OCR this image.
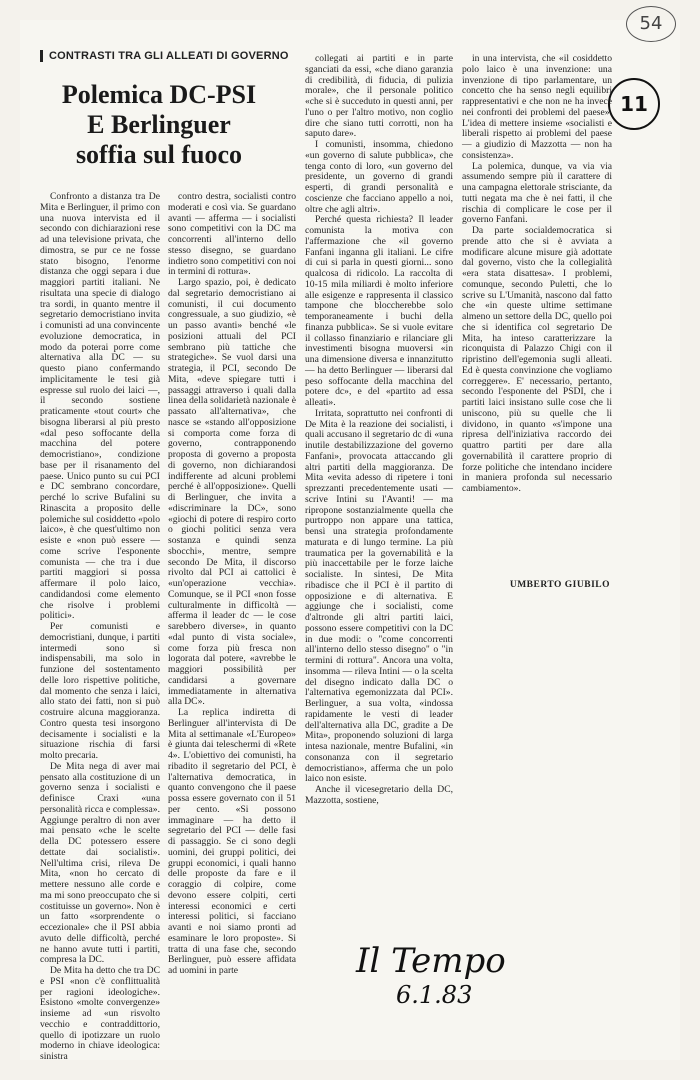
54
11
CONTRASTI TRA GLI ALLEATI DI GOVERNO
Polemica DC-PSI
E Berlinguer
soffia sul fuoco

Confronto a distanza tra De Mita e Berlinguer, il primo con una nuova intervista ed il secondo con dichiarazioni rese ad una televisione privata, che dimostra, se pur ce ne fosse stato bisogno, l'enorme distanza che oggi separa i due maggiori partiti italiani. Ne risultata una specie di dialogo tra sordi, in quanto mentre il segretario democristiano invita i comunisti ad una convincente evoluzione democratica, in modo da poterai porre come alternativa alla DC — su questo piano confermando implicitamente le tesi già espresse sul ruolo dei laici —, il secondo sostiene praticamente «tout court» che bisogna liberarsi al più presto «dal peso soffocante della macchina del potere democristiano», condizione base per il risanamento del paese. Unico punto su cui PCI e DC sembrano concordare, perché lo scrive Bufalini su Rinascita a proposito delle polemiche sul cosiddetto «polo laico», è che quest'ultimo non esiste e «non può essere — come scrive l'esponente comunista — che tra i due partiti maggiori si possa affermare il polo laico, candidandosi come elemento che risolve i problemi politici».

Per comunisti e democristiani, dunque, i partiti intermedi sono sì indispensabili, ma solo in funzione del sostentamento delle loro rispettive politiche, dal momento che senza i laici, allo stato dei fatti, non si può costruire alcuna maggioranza. Contro questa tesi insorgono decisamente i socialisti e la situazione rischia di farsi molto precaria.

De Mita nega di aver mai pensato alla costituzione di un governo senza i socialisti e definisce Craxi «una personalità ricca e complessa». Aggiunge peraltro di non aver mai pensato «che le scelte della DC potessero essere dettate dai socialisti». Nell'ultima crisi, rileva De Mita, «non ho cercato di mettere nessuno alle corde e ma mi sono preoccupato che si costituisse un governo». Non è un fatto «sorprendente o eccezionale» che il PSI abbia avuto delle difficoltà, perché ne hanno avute tutti i partiti, compresa la DC.

De Mita ha detto che tra DC e PSI «non c'è conflittualità per ragioni ideologiche». Esistono «molte convergenze» insieme ad «un risvolto vecchio e contraddittorio, quello di ipotizzare un ruolo moderno in chiave ideologica: sinistra

contro destra, socialisti contro moderati e così via. Se guardano avanti — afferma — i socialisti sono competitivi con la DC ma concorrenti all'interno dello stesso disegno, se guardano indietro sono competitivi con noi in termini di rottura».

Largo spazio, poi, è dedicato dal segretario democristiano ai comunisti, il cui documento congressuale, a suo giudizio, «è un passo avanti» benché «le posizioni attuali del PCI sembrano più tattiche che strategiche». Se vuol darsi una strategia, il PCI, secondo De Mita, «deve spiegare tutti i passaggi attraverso i quali dalla linea della solidarietà nazionale è passato all'alternativa», che nasce se «stando all'opposizione si comporta come forza di governo, contrapponendo proposta di governo a proposta di governo, non dichiarandosi indifferente ad alcuni problemi perché è all'opposizione». Quelli di Berlinguer, che invita a «discriminare la DC», sono «giochi di potere di respiro corto o giochi politici senza vera sostanza e quindi senza sbocchi», mentre, sempre secondo De Mita, il discorso rivolto dal PCI ai cattolici è «un'operazione vecchia». Comunque, se il PCI «non fosse culturalmente in difficoltà — afferma il leader dc — le cose sarebbero diverse», in quanto «dal punto di vista sociale», come forza più fresca non logorata dal potere, «avrebbe le maggiori possibilità per candidarsi a governare immediatamente in alternativa alla DC».

La replica indiretta di Berlinguer all'intervista di De Mita al settimanale «L'Europeo» è giunta dai teleschermi di «Rete 4». L'obiettivo dei comunisti, ha ribadito il segretario del PCI, è l'alternativa democratica, in quanto convengono che il paese possa essere governato con il 51 per cento. «Si possono immaginare — ha detto il segretario del PCI — delle fasi di passaggio. Se ci sono degli uomini, dei gruppi politici, dei gruppi economici, i quali hanno delle proposte da fare e il coraggio di colpire, come devono essere colpiti, certi interessi economici e certi interessi politici, si facciano avanti e noi siamo pronti ad esaminare le loro proposte». Si tratta di una fase che, secondo Berlinguer, può essere affidata ad uomini in parte

collegati ai partiti e in parte sganciati da essi, «che diano garanzia di credibilità, di fiducia, di pulizia morale», che il personale politico «che si è succeduto in questi anni, per l'uno o per l'altro motivo, non coglio dire che siano tutti corrotti, non ha saputo dare».

I comunisti, insomma, chiedono «un governo di salute pubblica», che tenga conto di loro, «un governo del presidente, un governo di grandi esperti, di grandi personalità e coscienze che facciano appello a noi, oltre che agli altri».

Perché questa richiesta? Il leader comunista la motiva con l'affermazione che «il governo Fanfani inganna gli italiani. Le cifre di cui si parla in questi giorni... sono qualcosa di ridicolo. La raccolta di 10-15 mila miliardi è molto inferiore alle esigenze e rappresenta il classico tampone che bloccherebbe solo temporaneamente i buchi della finanza pubblica». Se si vuole evitare il collasso finanziario e rilanciare gli investimenti bisogna muoversi «in una dimensione diversa e innanzitutto — ha detto Berlinguer — liberarsi dal peso soffocante della macchina del potere dc», e del «partito ad essa alleati».

Irritata, soprattutto nei confronti di De Mita è la reazione dei socialisti, i quali accusano il segretario dc di «una inutile destabilizzazione del governo Fanfani», provocata attaccando gli altri partiti della maggioranza. De Mita «evita adesso di ripetere i toni sprezzanti precedentemente usati — scrive Intini su l'Avanti! — ma ripropone sostanzialmente quella che purtroppo non appare una tattica, bensì una strategia profondamente maturata e di lungo termine. La più traumatica per la governabilità e la più inaccettabile per le forze laiche socialiste. In sintesi, De Mita ribadisce che il PCI è il partito di opposizione e di alternativa. E aggiunge che i socialisti, come d'altronde gli altri partiti laici, possono essere competitivi con la DC in due modi: o "come concorrenti all'interno dello stesso disegno" o "in termini di rottura". Ancora una volta, insomma — rileva Intini — o la scelta del disegno indicato dalla DC o l'alternativa egemonizzata dal PCI». Berlinguer, a sua volta, «indossa rapidamente le vesti di leader dell'alternativa alla DC, gradite a De Mita», proponendo soluzioni di larga intesa nazionale, mentre Bufalini, «in consonanza con il segretario democristiano», afferma che un polo laico non esiste.

Anche il vicesegretario della DC, Mazzotta, sostiene,

in una intervista, che «il cosiddetto polo laico è una invenzione: una invenzione di tipo parlamentare, un concetto che ha senso negli equilibri rappresentativi e che non ne ha invece nei confronti dei problemi del paese». L'idea di mettere insieme «socialisti e liberali rispetto ai problemi del paese — a giudizio di Mazzotta — non ha consistenza».

La polemica, dunque, va via via assumendo sempre più il carattere di una campagna elettorale strisciante, da tutti negata ma che è nei fatti, il che rischia di complicare le cose per il governo Fanfani.

Da parte socialdemocratica si prende atto che si è avviata a modificare alcune misure già adottate dal governo, visto che la collegialità «era stata disattesa». I problemi, comunque, secondo Puletti, che lo scrive su L'Umanità, nascono dal fatto che «in queste ultime settimane almeno un settore della DC, quello poi che si identifica col segretario De Mita, ha inteso caratterizzare la riconquista di Palazzo Chigi con il ripristino dell'egemonia sugli alleati. Ed è questa convinzione che vogliamo correggere». E' necessario, pertanto, secondo l'esponente del PSDI, che i partiti laici insistano sulle cose che li uniscono, più su quelle che li dividono, in quanto «s'impone una ripresa dell'iniziativa raccordo dei quattro partiti per dare alla governabilità il carattere proprio di forze politiche che intendano incidere in maniera profonda sul necessario cambiamento».

UMBERTO GIUBILO
Il Tempo
6.1.83
